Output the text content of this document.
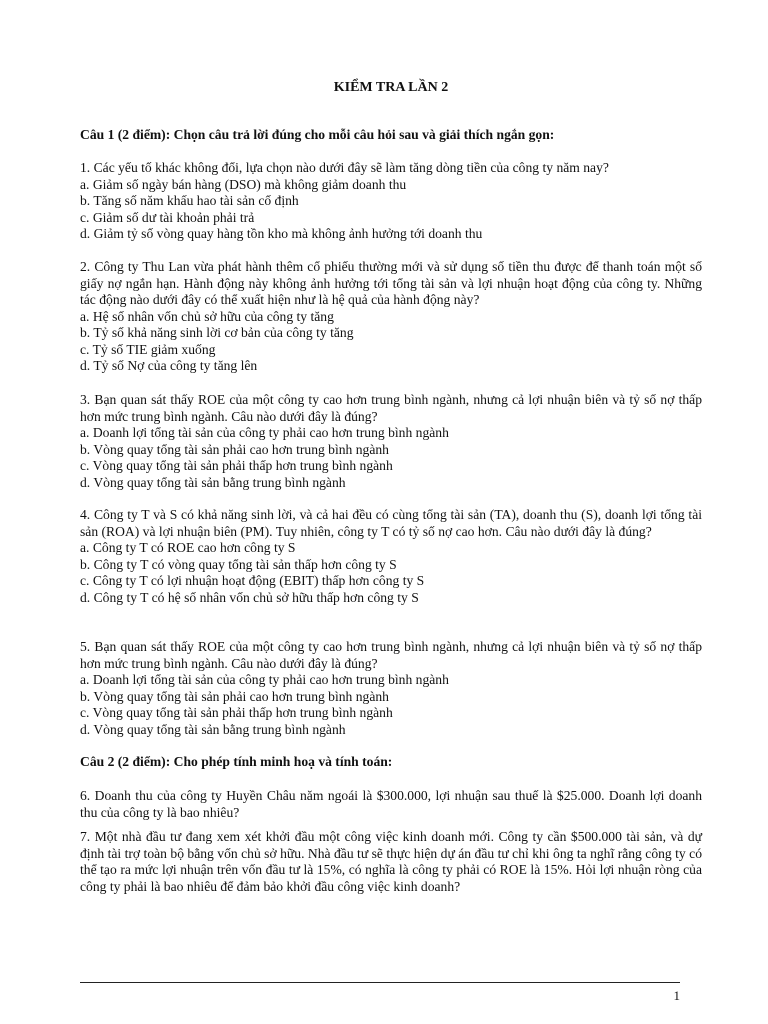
KIỂM TRA LẦN 2
Câu 1 (2 điểm): Chọn câu trả lời đúng cho mỗi câu hỏi sau và giải thích ngắn gọn:
1. Các yếu tố khác không đổi, lựa chọn nào dưới đây sẽ làm tăng dòng tiền của công ty năm nay?
a. Giảm số ngày bán hàng (DSO) mà không giảm doanh thu
b. Tăng số năm khấu hao tài sản cố định
c. Giảm số dư tài khoản phải trả
d. Giảm tỷ số vòng quay hàng tồn kho mà không ảnh hưởng tới doanh thu
2. Công ty Thu Lan vừa phát hành thêm cổ phiếu thường mới và sử dụng số tiền thu được để thanh toán một số giấy nợ ngắn hạn. Hành động này không ảnh hưởng tới tổng tài sản và lợi nhuận hoạt động của công ty. Những tác động nào dưới đây có thể xuất hiện như là hệ quả của hành động này?
a. Hệ số nhân vốn chủ sở hữu của công ty tăng
b. Tỷ số khả năng sinh lời cơ bản của công ty tăng
c. Tỷ số TIE giảm xuống
d. Tỷ số Nợ của công ty tăng lên
3. Bạn quan sát thấy ROE của một công ty cao hơn trung bình ngành, nhưng cả lợi nhuận biên và tỷ số nợ thấp hơn mức trung bình ngành. Câu nào dưới đây là đúng?
a. Doanh lợi tổng tài sản của công ty phải cao hơn trung bình ngành
b. Vòng quay tổng tài sản phải cao hơn trung bình ngành
c. Vòng quay tổng tài sản phải thấp hơn trung bình ngành
d. Vòng quay tổng tài sản bằng trung bình ngành
4. Công ty T và S có khả năng sinh lời, và cả hai đều có cùng tổng tài sản (TA), doanh thu (S), doanh lợi tổng tài sản (ROA) và lợi nhuận biên (PM). Tuy nhiên, công ty T có tỷ số nợ cao hơn. Câu nào dưới đây là đúng?
a. Công ty T có ROE cao hơn công ty S
b. Công ty T có vòng quay tổng tài sản thấp hơn công ty S
c. Công ty T có lợi nhuận hoạt động (EBIT) thấp hơn công ty S
d. Công ty T có hệ số nhân vốn chủ sở hữu thấp hơn công ty S
5. Bạn quan sát thấy ROE của một công ty cao hơn trung bình ngành, nhưng cả lợi nhuận biên và tỷ số nợ thấp hơn mức trung bình ngành. Câu nào dưới đây là đúng?
a. Doanh lợi tổng tài sản của công ty phải cao hơn trung bình ngành
b. Vòng quay tổng tài sản phải cao hơn trung bình ngành
c. Vòng quay tổng tài sản phải thấp hơn trung bình ngành
d. Vòng quay tổng tài sản bằng trung bình ngành
Câu 2 (2 điểm): Cho phép tính minh hoạ và tính toán:
6. Doanh thu của công ty Huyền Châu năm ngoái là $300.000, lợi nhuận sau thuế là $25.000. Doanh lợi doanh thu của công ty là bao nhiêu?
7. Một nhà đầu tư đang xem xét khởi đầu một công việc kinh doanh mới. Công ty cần $500.000 tài sản, và dự định tài trợ toàn bộ bằng vốn chủ sở hữu. Nhà đầu tư sẽ thực hiện dự án đầu tư chỉ khi ông ta nghĩ rằng công ty có thể tạo ra mức lợi nhuận trên vốn đầu tư là 15%, có nghĩa là công ty phải có ROE là 15%. Hỏi lợi nhuận ròng của công ty phải là bao nhiêu để đảm bảo khởi đầu công việc kinh doanh?
1
